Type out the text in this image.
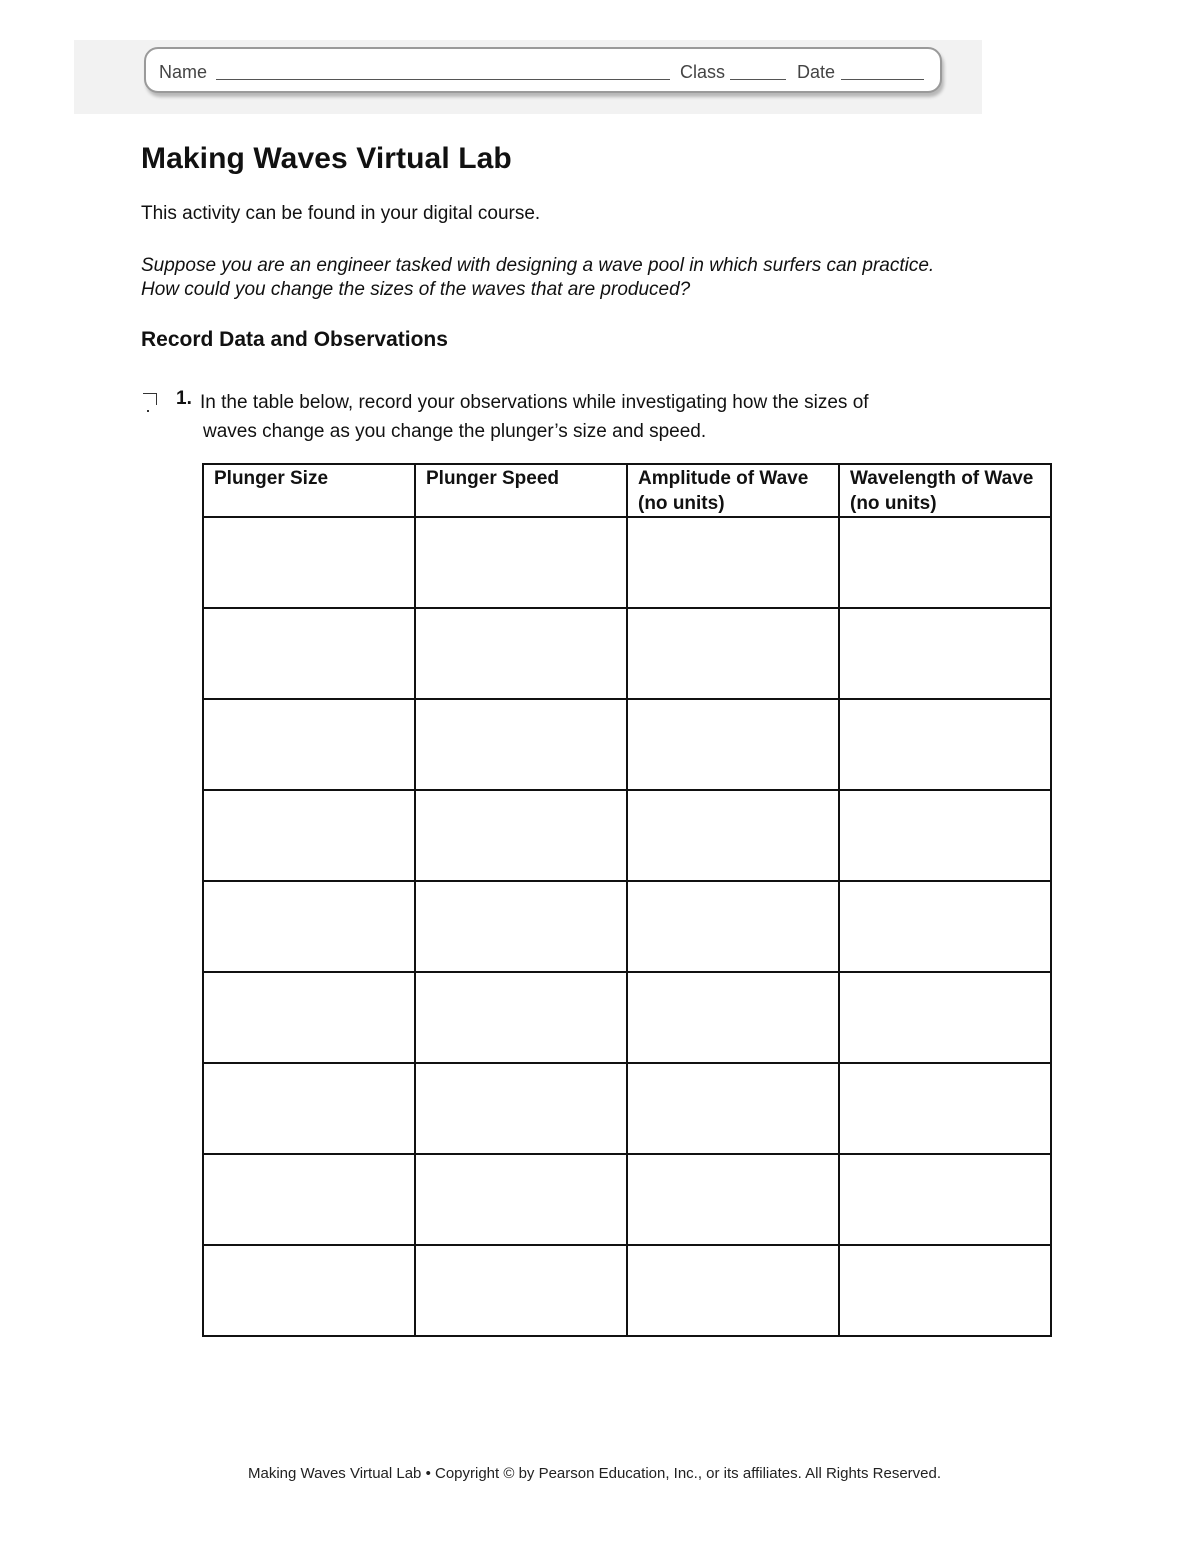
Name	Class	Date
Making Waves Virtual Lab

This activity can be found in your digital course.

Suppose you are an engineer tasked with designing a wave pool in which surfers can practice.
How could you change the sizes of the waves that are produced?

Record Data and Observations
1. In the table below, record your observations while investigating how the sizes of
waves change as you change the plunger’s size and speed.

Plunger Size	Plunger Speed	Amplitude of Wave (no units)	Wavelength of Wave (no units)

Making Waves Virtual Lab • Copyright © by Pearson Education, Inc., or its affiliates. All Rights Reserved.
